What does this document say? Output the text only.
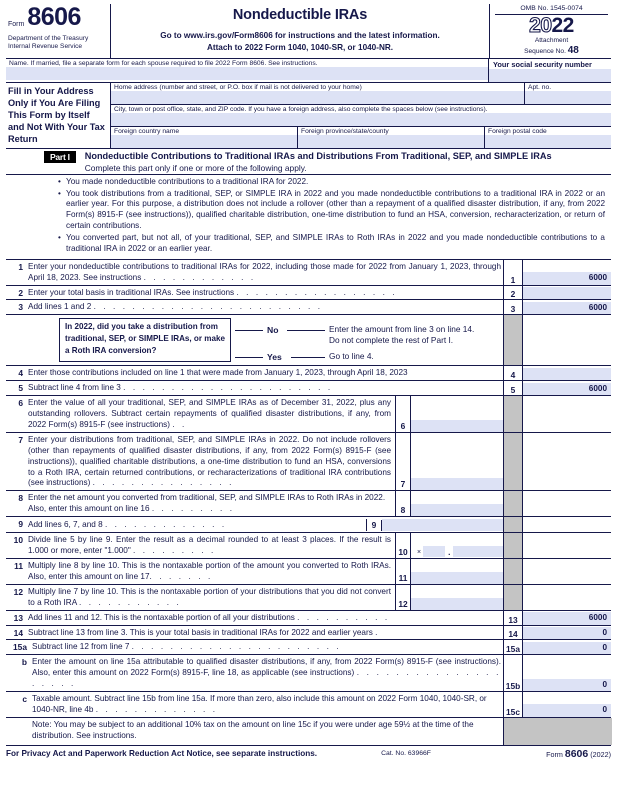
Form 8606
Department of the Treasury
Internal Revenue Service
Nondeductible IRAs
Go to www.irs.gov/Form8606 for instructions and the latest information.
Attach to 2022 Form 1040, 1040-SR, or 1040-NR.
OMB No. 1545-0074
2022
Attachment
Sequence No. 48
Name. If married, file a separate form for each spouse required to file 2022 Form 8606. See instructions.	Your social security number
Fill in Your Address Only if You Are Filing This Form by Itself and Not With Your Tax Return
Home address (number and street, or P.O. box if mail is not delivered to your home)	Apt. no.
City, town or post office, state, and ZIP code. If you have a foreign address, also complete the spaces below (see instructions).
Foreign country name	Foreign province/state/county	Foreign postal code
Part I	Nondeductible Contributions to Traditional IRAs and Distributions From Traditional, SEP, and SIMPLE IRAs
Complete this part only if one or more of the following apply.
• You made nondeductible contributions to a traditional IRA for 2022.
• You took distributions from a traditional, SEP, or SIMPLE IRA in 2022 and you made nondeductible contributions to a traditional IRA in 2022 or an earlier year. For this purpose, a distribution does not include a rollover (other than a repayment of a qualified disaster distribution, if any, from 2022 Form(s) 8915-F (see instructions)), qualified charitable distribution, one-time distribution to fund an HSA, conversion, recharacterization, or return of certain contributions.
• You converted part, but not all, of your traditional, SEP, and SIMPLE IRAs to Roth IRAs in 2022 and you made nondeductible contributions to a traditional IRA in 2022 or an earlier year.
1 Enter your nondeductible contributions to traditional IRAs for 2022, including those made for 2022 from January 1, 2023, through April 18, 2023. See instructions . . . . . . . . . . . .	1	6000
2 Enter your total basis in traditional IRAs. See instructions . . . . . . . . . . . . . . . . .	2
3 Add lines 1 and 2 . . . . . . . . . . . . . . . . . . . . . . . .	3	6000
In 2022, did you take a distribution from traditional, SEP, or SIMPLE IRAs, or make a Roth IRA conversion?
No	Enter the amount from line 3 on line 14.
Do not complete the rest of Part I.
Yes	Go to line 4.
4 Enter those contributions included on line 1 that were made from January 1, 2023, through April 18, 2023	4
5 Subtract line 4 from line 3 . . . . . . . . . . . . . . . . . . . . . .	5	6000
6 Enter the value of all your traditional, SEP, and SIMPLE IRAs as of December 31, 2022, plus any outstanding rollovers. Subtract certain repayments of qualified disaster distributions, if any, from 2022 Form(s) 8915-F (see instructions) . .	6
7 Enter your distributions from traditional, SEP, and SIMPLE IRAs in 2022. Do not include rollovers (other than repayments of qualified disaster distributions, if any, from 2022 Form(s) 8915-F (see instructions)), qualified charitable distributions, a one-time distribution to fund an HSA, conversions to a Roth IRA, certain returned contributions, or recharacterizations of traditional IRA contributions (see instructions) . . . . . . . . . . . . . . .	7
8 Enter the net amount you converted from traditional, SEP, and SIMPLE IRAs to Roth IRAs in 2022. Also, enter this amount on line 16 . . . . . . . . .	8
9 Add lines 6, 7, and 8 . . . . . . . . . . . . .	9
10 Divide line 5 by line 9. Enter the result as a decimal rounded to at least 3 places. If the result is 1.000 or more, enter "1.000" . . . . . . . . .	10	×	.
11 Multiply line 8 by line 10. This is the nontaxable portion of the amount you converted to Roth IRAs. Also, enter this amount on line 17. . . . . . .	11
12 Multiply line 7 by line 10. This is the nontaxable portion of your distributions that you did not convert to a Roth IRA . . . . . . . . . . .	12
13 Add lines 11 and 12. This is the nontaxable portion of all your distributions . . . . . . . . . .	13	6000
14 Subtract line 13 from line 3. This is your total basis in traditional IRAs for 2022 and earlier years .	14	0
15a Subtract line 12 from line 7 . . . . . . . . . . . . . . . . . . . . . .	15a	0
b Enter the amount on line 15a attributable to qualified disaster distributions, if any, from 2022 Form(s) 8915-F (see instructions). Also, enter this amount on 2022 Form(s) 8915-F, line 18, as applicable (see instructions) . . . . . . . . . . . . . . . . . . . .	15b	0
c Taxable amount. Subtract line 15b from line 15a. If more than zero, also include this amount on 2022 Form 1040, 1040-SR, or 1040-NR, line 4b . . . . . . . . . . . . .	15c	0
Note: You may be subject to an additional 10% tax on the amount on line 15c if you were under age 59½ at the time of the distribution. See instructions.
For Privacy Act and Paperwork Reduction Act Notice, see separate instructions.	Cat. No. 63966F	Form 8606 (2022)
